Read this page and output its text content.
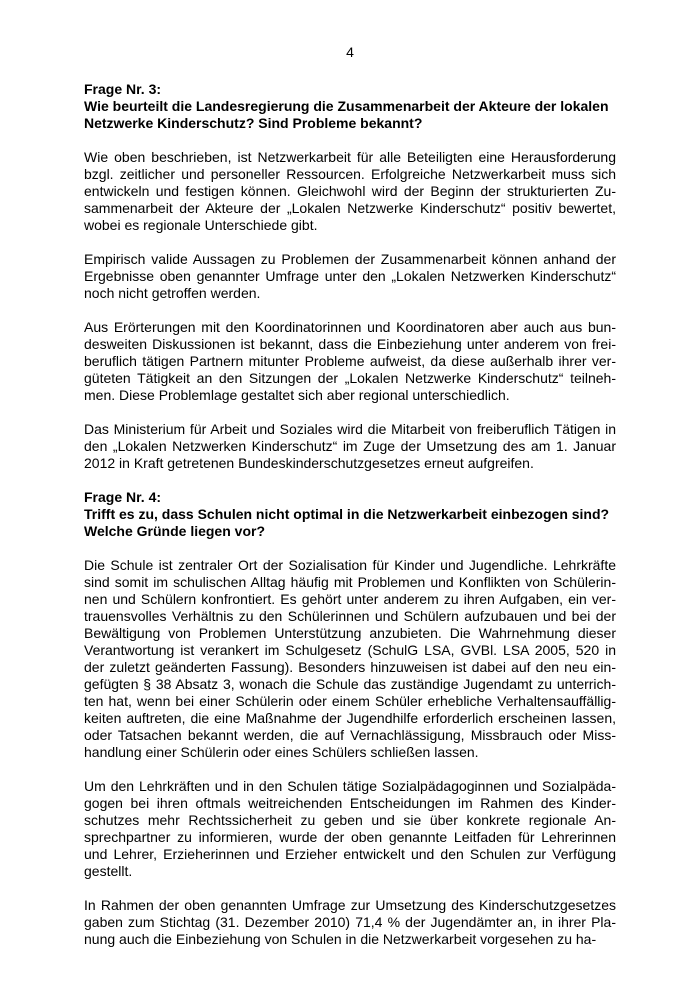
4

Frage Nr. 3:

Wie beurteilt die Landesregierung die Zusammenarbeit der Akteure der lokalen Netzwerke Kinderschutz? Sind Probleme bekannt?

Wie oben beschrieben, ist Netzwerkarbeit für alle Beteiligten eine Herausforderung bzgl. zeitlicher und personeller Ressourcen. Erfolgreiche Netzwerkarbeit muss sich entwickeln und festigen können. Gleichwohl wird der Beginn der strukturierten Zusammenarbeit der Akteure der „Lokalen Netzwerke Kinderschutz“ positiv bewertet, wobei es regionale Unterschiede gibt.

Empirisch valide Aussagen zu Problemen der Zusammenarbeit können anhand der Ergebnisse oben genannter Umfrage unter den „Lokalen Netzwerken Kinderschutz“ noch nicht getroffen werden.

Aus Erörterungen mit den Koordinatorinnen und Koordinatoren aber auch aus bundesweiten Diskussionen ist bekannt, dass die Einbeziehung unter anderem von freiberuflich tätigen Partnern mitunter Probleme aufweist, da diese außerhalb ihrer vergüteten Tätigkeit an den Sitzungen der „Lokalen Netzwerke Kinderschutz“ teilnehmen. Diese Problemlage gestaltet sich aber regional unterschiedlich.

Das Ministerium für Arbeit und Soziales wird die Mitarbeit von freiberuflich Tätigen in den „Lokalen Netzwerken Kinderschutz“ im Zuge der Umsetzung des am 1. Januar 2012 in Kraft getretenen Bundeskinderschutzgesetzes erneut aufgreifen.

Frage Nr. 4:

Trifft es zu, dass Schulen nicht optimal in die Netzwerkarbeit einbezogen sind? Welche Gründe liegen vor?

Die Schule ist zentraler Ort der Sozialisation für Kinder und Jugendliche. Lehrkräfte sind somit im schulischen Alltag häufig mit Problemen und Konflikten von Schülerinnen und Schülern konfrontiert. Es gehört unter anderem zu ihren Aufgaben, ein vertrauensvolles Verhältnis zu den Schülerinnen und Schülern aufzubauen und bei der Bewältigung von Problemen Unterstützung anzubieten. Die Wahrnehmung dieser Verantwortung ist verankert im Schulgesetz (SchulG LSA, GVBl. LSA 2005, 520 in der zuletzt geänderten Fassung). Besonders hinzuweisen ist dabei auf den neu eingefügten § 38 Absatz 3, wonach die Schule das zuständige Jugendamt zu unterrichten hat, wenn bei einer Schülerin oder einem Schüler erhebliche Verhaltensauffälligkeiten auftreten, die eine Maßnahme der Jugendhilfe erforderlich erscheinen lassen, oder Tatsachen bekannt werden, die auf Vernachlässigung, Missbrauch oder Misshandlung einer Schülerin oder eines Schülers schließen lassen.

Um den Lehrkräften und in den Schulen tätige Sozialpädagoginnen und Sozialpädagogen bei ihren oftmals weitreichenden Entscheidungen im Rahmen des Kinderschutzes mehr Rechtssicherheit zu geben und sie über konkrete regionale Ansprechpartner zu informieren, wurde der oben genannte Leitfaden für Lehrerinnen und Lehrer, Erzieherinnen und Erzieher entwickelt und den Schulen zur Verfügung gestellt.

In Rahmen der oben genannten Umfrage zur Umsetzung des Kinderschutzgesetzes gaben zum Stichtag (31. Dezember 2010) 71,4 % der Jugendämter an, in ihrer Planung auch die Einbeziehung von Schulen in die Netzwerkarbeit vorgesehen zu ha-
